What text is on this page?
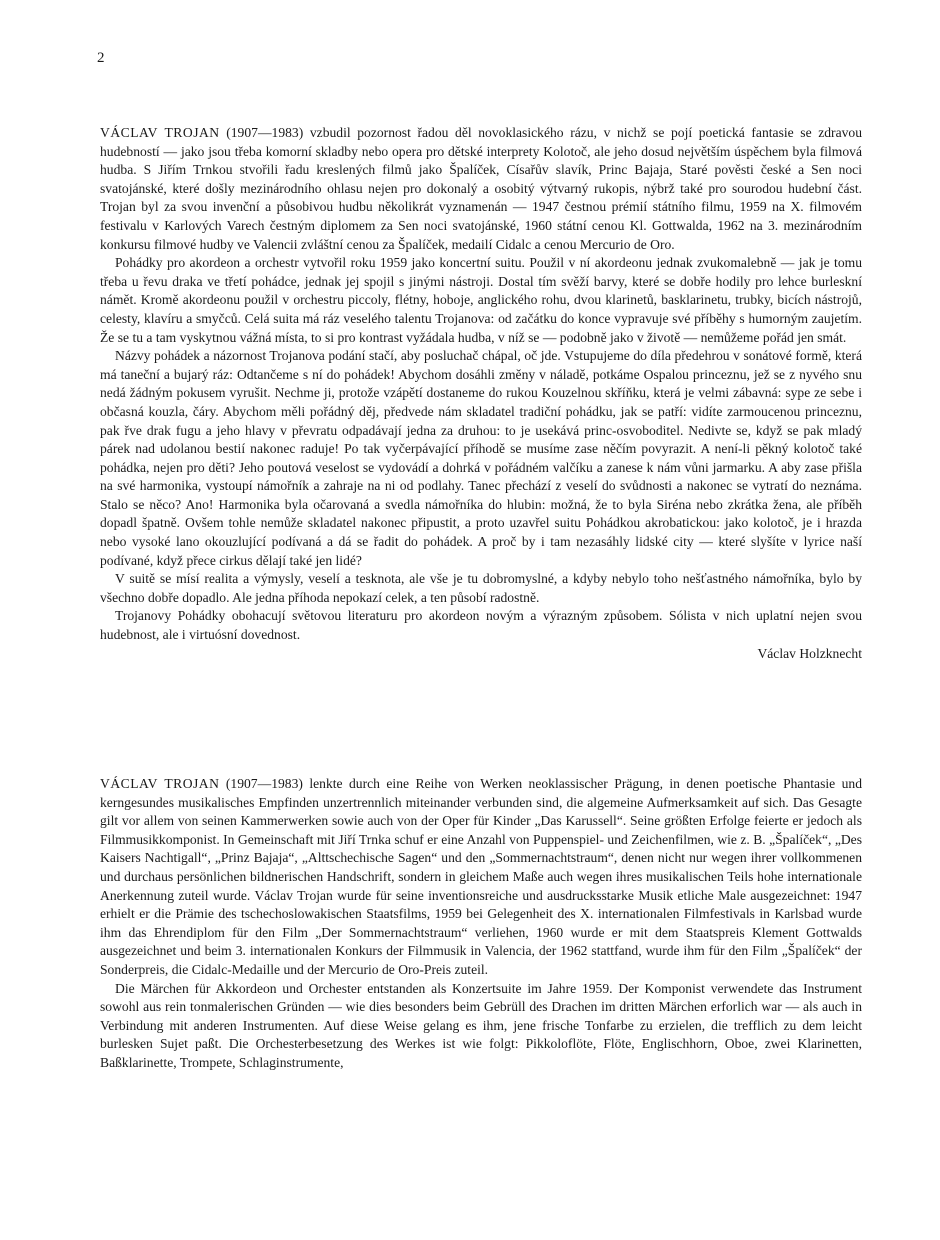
2

VÁCLAV TROJAN (1907—1983) vzbudil pozornost řadou děl novoklasického rázu, v nichž se pojí poetická fantasie se zdravou hudebností — jako jsou třeba komorní skladby nebo opera pro dětské interprety Kolotoč, ale jeho dosud největším úspěchem byla filmová hudba. S Jiřím Trnkou stvořili řadu kreslených filmů jako Špalíček, Císařův slavík, Princ Bajaja, Staré pověsti české a Sen noci svatojánské, které došly mezinárodního ohlasu nejen pro dokonalý a osobitý výtvarný rukopis, nýbrž také pro sourodou hudební část. Trojan byl za svou invenční a působivou hudbu několikrát vyznamenán — 1947 čestnou prémií státního filmu, 1959 na X. filmovém festivalu v Karlových Varech čestným diplomem za Sen noci svatojánské, 1960 státní cenou Kl. Gottwalda, 1962 na 3. mezinárodním konkursu filmové hudby ve Valencii zvláštní cenou za Špalíček, medailí Cidalc a cenou Mercurio de Oro.

Pohádky pro akordeon a orchestr vytvořil roku 1959 jako koncertní suitu. Použil v ní akordeonu jednak zvukomalebně — jak je tomu třeba u řevu draka ve třetí pohádce, jednak jej spojil s jinými nástroji. Dostal tím svěží barvy, které se dobře hodily pro lehce burleskní námět. Kromě akordeonu použil v orchestru piccoly, flétny, hoboje, anglického rohu, dvou klarinetů, basklarinetu, trubky, bicích nástrojů, celesty, klavíru a smyčců. Celá suita má ráz veselého talentu Trojanova: od začátku do konce vypravuje své příběhy s humorným zaujetím. Že se tu a tam vyskytnou vážná místa, to si pro kontrast vyžádala hudba, v níž se — podobně jako v životě — nemůžeme pořád jen smát.

Názvy pohádek a názornost Trojanova podání stačí, aby posluchač chápal, oč jde. Vstupujeme do díla předehrou v sonátové formě, která má taneční a bujarý ráz: Odtančeme s ní do pohádek! Abychom dosáhli změny v náladě, potkáme Ospalou princeznu, jež se z nyvého snu nedá žádným pokusem vyrušit. Nechme ji, protože vzápětí dostaneme do rukou Kouzelnou skříňku, která je velmi zábavná: sype ze sebe i občasná kouzla, čáry. Abychom měli pořádný děj, předvede nám skladatel tradiční pohádku, jak se patří: vidíte zarmoucenou princeznu, pak řve drak fugu a jeho hlavy v převratu odpadávají jedna za druhou: to je usekává princ-osvoboditel. Nedivte se, když se pak mladý párek nad udolanou bestií nakonec raduje! Po tak vyčerpávající příhodě se musíme zase něčím povyrazit. A není-li pěkný kolotoč také pohádka, nejen pro děti? Jeho poutová veselost se vydovádí a dohrká v pořádném valčíku a zanese k nám vůni jarmarku. A aby zase přišla na své harmonika, vystoupí námořník a zahraje na ni od podlahy. Tanec přechází z veselí do svůdnosti a nakonec se vytratí do neznáma. Stalo se něco? Ano! Harmonika byla očarovaná a svedla námořníka do hlubin: možná, že to byla Siréna nebo zkrátka žena, ale příběh dopadl špatně. Ovšem tohle nemůže skladatel nakonec připustit, a proto uzavřel suitu Pohádkou akrobatickou: jako kolotoč, je i hrazda nebo vysoké lano okouzlující podívaná a dá se řadit do pohádek. A proč by i tam nezasáhly lidské city — které slyšíte v lyrice naší podívané, když přece cirkus dělají také jen lidé?

V suitě se mísí realita a výmysly, veselí a tesknota, ale vše je tu dobromyslné, a kdyby nebylo toho nešťastného námořníka, bylo by všechno dobře dopadlo. Ale jedna příhoda nepokazí celek, a ten působí radostně.

Trojanovy Pohádky obohacují světovou literaturu pro akordeon novým a výrazným způsobem. Sólista v nich uplatní nejen svou hudebnost, ale i virtuósní dovednost.

Václav Holzknecht

VÁCLAV TROJAN (1907—1983) lenkte durch eine Reihe von Werken neoklassischer Prägung, in denen poetische Phantasie und kerngesundes musikalisches Empfinden unzertrennlich miteinander verbunden sind, die algemeine Aufmerksamkeit auf sich. Das Gesagte gilt vor allem von seinen Kammerwerken sowie auch von der Oper für Kinder „Das Karussell“. Seine größten Erfolge feierte er jedoch als Filmmusikkomponist. In Gemeinschaft mit Jiří Trnka schuf er eine Anzahl von Puppenspiel- und Zeichenfilmen, wie z. B. „Špalíček“, „Des Kaisers Nachtigall“, „Prinz Bajaja“, „Alttschechische Sagen“ und den „Sommernachtstraum“, denen nicht nur wegen ihrer vollkommenen und durchaus persönlichen bildnerischen Handschrift, sondern in gleichem Maße auch wegen ihres musikalischen Teils hohe internationale Anerkennung zuteil wurde. Václav Trojan wurde für seine inventionsreiche und ausdrucksstarke Musik etliche Male ausgezeichnet: 1947 erhielt er die Prämie des tschechoslowakischen Staatsfilms, 1959 bei Gelegenheit des X. internationalen Filmfestivals in Karlsbad wurde ihm das Ehrendiplom für den Film „Der Sommernachtstraum“ verliehen, 1960 wurde er mit dem Staatspreis Klement Gottwalds ausgezeichnet und beim 3. internationalen Konkurs der Filmmusik in Valencia, der 1962 stattfand, wurde ihm für den Film „Špalíček“ der Sonderpreis, die Cidalc-Medaille und der Mercurio de Oro-Preis zuteil.

Die Märchen für Akkordeon und Orchester entstanden als Konzertsuite im Jahre 1959. Der Komponist verwendete das Instrument sowohl aus rein tonmalerischen Gründen — wie dies besonders beim Gebrüll des Drachen im dritten Märchen erforlich war — als auch in Verbindung mit anderen Instrumenten. Auf diese Weise gelang es ihm, jene frische Tonfarbe zu erzielen, die trefflich zu dem leicht burlesken Sujet paßt. Die Orchesterbesetzung des Werkes ist wie folgt: Pikkoloflöte, Flöte, Englischhorn, Oboe, zwei Klarinetten, Baßklarinette, Trompete, Schlaginstrumente,
